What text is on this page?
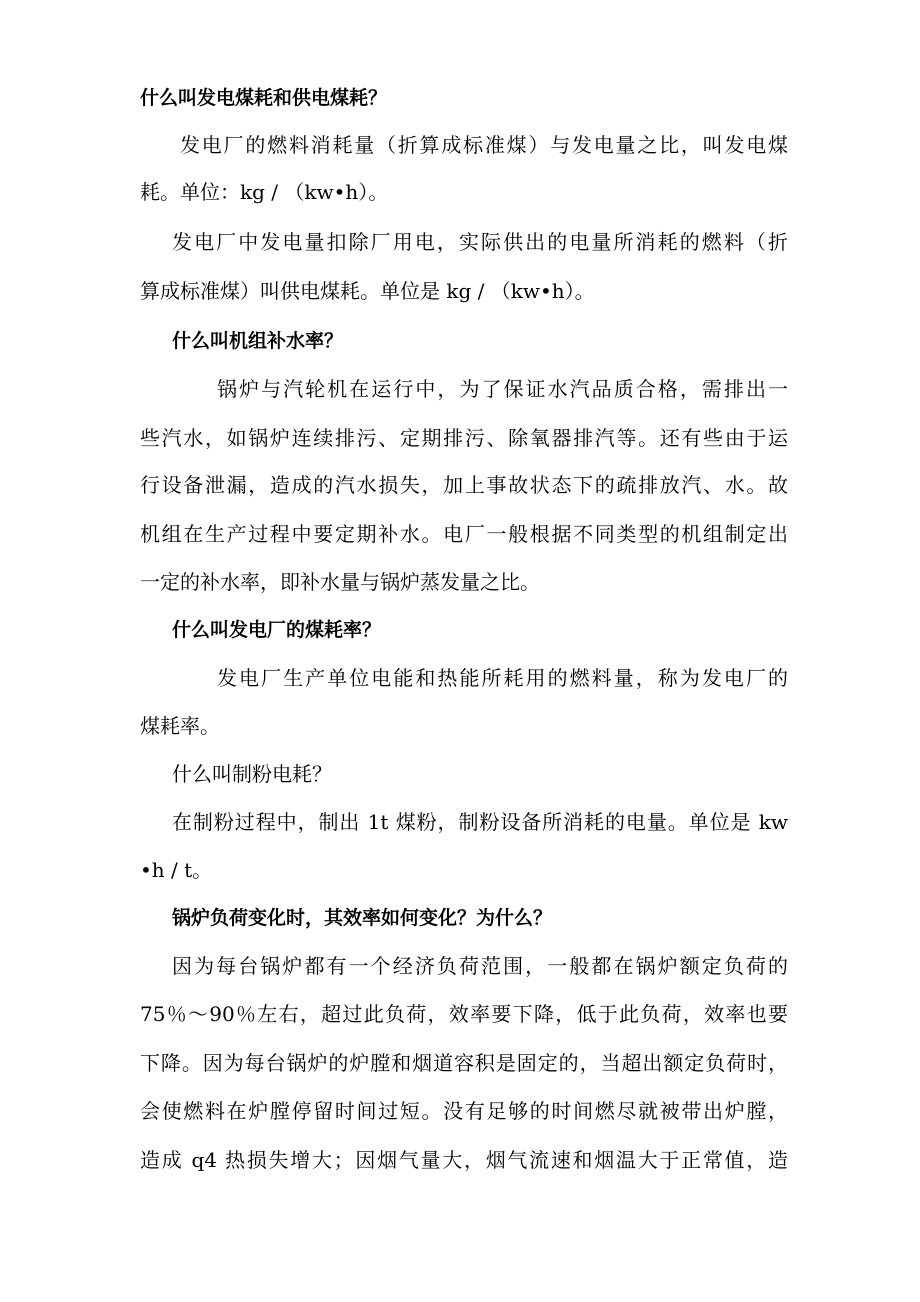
什么叫发电煤耗和供电煤耗？
发电厂的燃料消耗量（折算成标准煤）与发电量之比，叫发电煤
耗。单位：kg / （kw•h）。
发电厂中发电量扣除厂用电，实际供出的电量所消耗的燃料（折
算成标准煤）叫供电煤耗。单位是 kg / （kw•h）。
什么叫机组补水率？
锅炉与汽轮机在运行中，为了保证水汽品质合格，需排出一
些汽水，如锅炉连续排污、定期排污、除氧器排汽等。还有些由于运
行设备泄漏，造成的汽水损失，加上事故状态下的疏排放汽、水。故
机组在生产过程中要定期补水。电厂一般根据不同类型的机组制定出
一定的补水率，即补水量与锅炉蒸发量之比。
什么叫发电厂的煤耗率？
发电厂生产单位电能和热能所耗用的燃料量，称为发电厂的
煤耗率。
什么叫制粉电耗？
在制粉过程中，制出 1t 煤粉，制粉设备所消耗的电量。单位是 kw
•h / t。
锅炉负荷变化时，其效率如何变化？为什么？
因为每台锅炉都有一个经济负荷范围，一般都在锅炉额定负荷的
75％～90％左右，超过此负荷，效率要下降，低于此负荷，效率也要
下降。因为每台锅炉的炉膛和烟道容积是固定的，当超出额定负荷时，
会使燃料在炉膛停留时间过短。没有足够的时间燃尽就被带出炉膛，
造成 q4 热损失增大；因烟气量大，烟气流速和烟温大于正常值，造
